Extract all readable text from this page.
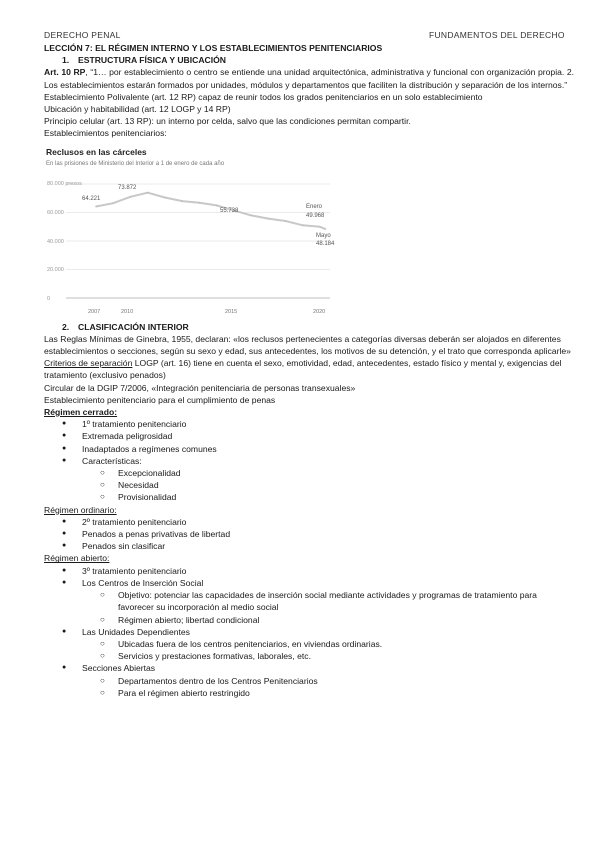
DERECHO PENAL	FUNDAMENTOS DEL DERECHO

LECCIÓN 7: EL RÉGIMEN INTERNO Y LOS ESTABLECIMIENTOS PENITENCIARIOS

1. ESTRUCTURA FÍSICA Y UBICACIÓN

Art. 10 RP, “1… por establecimiento o centro se entiende una unidad arquitectónica, administrativa y funcional con organización propia. 2. Los establecimientos estarán formados por unidades, módulos y departamentos que faciliten la distribución y separación de los internos.”

Establecimiento Polivalente (art. 12 RP) capaz de reunir todos los grados penitenciarios en un solo establecimiento

Ubicación y habitabilidad (art. 12 LOGP y 14 RP)

Principio celular (art. 13 RP): un interno por celda, salvo que las condiciones permitan compartir.

Establecimientos penitenciarios:

Reclusos en las cárceles
En las prisiones de Ministerio del Interior a 1 de enero de cada año
80.000 presos
60.000
40.000
20.000
0
2007	2010	2015	2020
64.221
73.872
55.738
Enero
49.968
Mayo
48.184

2. CLASIFICACIÓN INTERIOR

Las Reglas Mínimas de Ginebra, 1955, declaran: «los reclusos pertenecientes a categorías diversas deberán ser alojados en diferentes establecimientos o secciones, según su sexo y edad, sus antecedentes, los motivos de su detención, y el trato que corresponda aplicarle»

Criterios de separación LOGP (art. 16) tiene en cuenta el sexo, emotividad, edad, antecedentes, estado físico y mental y, exigencias del tratamiento (exclusivo penados)

Circular de la DGIP 7/2006, «Integración penitenciaria de personas transexuales»

Establecimiento penitenciario para el cumplimiento de penas

Régimen cerrado:

● 1º tratamiento penitenciario
● Extremada peligrosidad
● Inadaptados a regímenes comunes
● Características:
○ Excepcionalidad
○ Necesidad
○ Provisionalidad

Régimen ordinario:

● 2º tratamiento penitenciario
● Penados a penas privativas de libertad
● Penados sin clasificar

Régimen abierto:

● 3º tratamiento penitenciario
● Los Centros de Inserción Social
○ Objetivo: potenciar las capacidades de inserción social mediante actividades y programas de tratamiento para favorecer su incorporación al medio social
○ Régimen abierto; libertad condicional
● Las Unidades Dependientes
○ Ubicadas fuera de los centros penitenciarios, en viviendas ordinarias.
○ Servicios y prestaciones formativas, laborales, etc.
● Secciones Abiertas
○ Departamentos dentro de los Centros Penitenciarios
○ Para el régimen abierto restringido
